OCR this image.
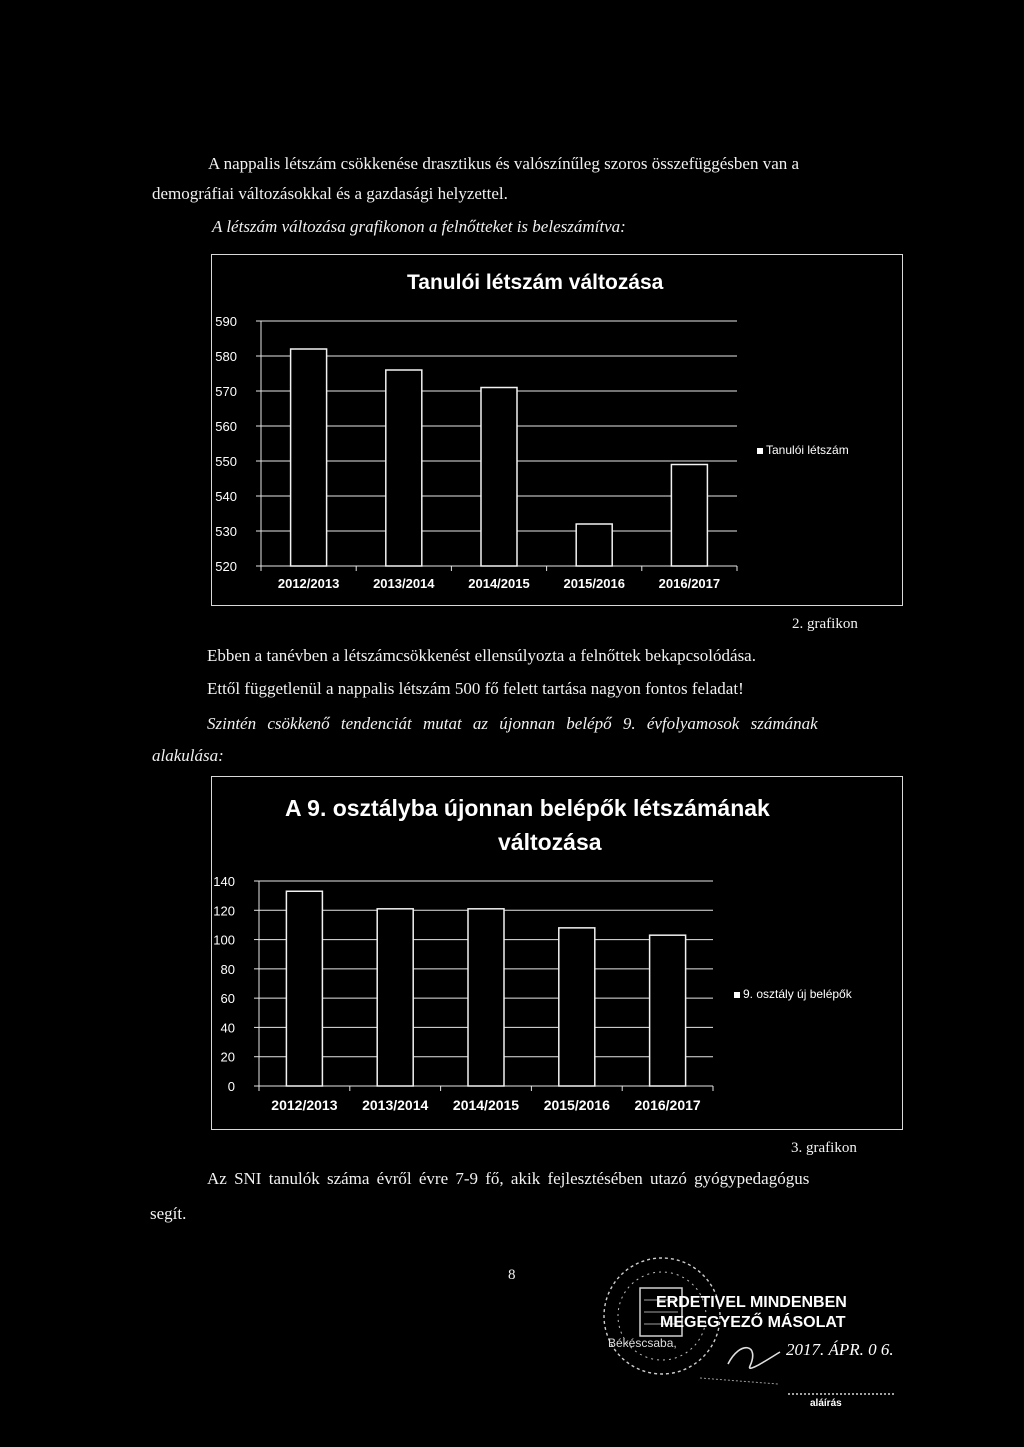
A nappalis létszám csökkenése drasztikus és valószínűleg szoros összefüggésben van a

demográfiai változásokkal és a gazdasági helyzettel.

A létszám változása grafikonon a felnőtteket is beleszámítva:

Tanulói létszám változása
520
530
540
550
560
570
580
590
2012/2013	2013/2014	2014/2015	2015/2016	2016/2017
Tanulói létszám
2. grafikon

Ebben a tanévben a létszámcsökkenést ellensúlyozta a felnőttek bekapcsolódása.

Ettől függetlenül a nappalis létszám 500 fő felett tartása nagyon fontos feladat!

Szintén csökkenő tendenciát mutat az újonnan belépő 9. évfolyamosok számának

alakulása:

A 9. osztályba újonnan belépők létszámának
változása
0
20
40
60
80
100
120
140
2012/2013 2013/2014 2014/2015 2015/2016 2016/2017
9. osztály új belépők
3. grafikon

Az SNI tanulók száma évről évre 7-9 fő, akik fejlesztésében utazó gyógypedagógus

segít.

8
ERDETIVEL MINDENBEN
MEGEGYEZŐ MÁSOLAT
Békéscsaba,	2017. ÁPR. 0 6.
aláírás
